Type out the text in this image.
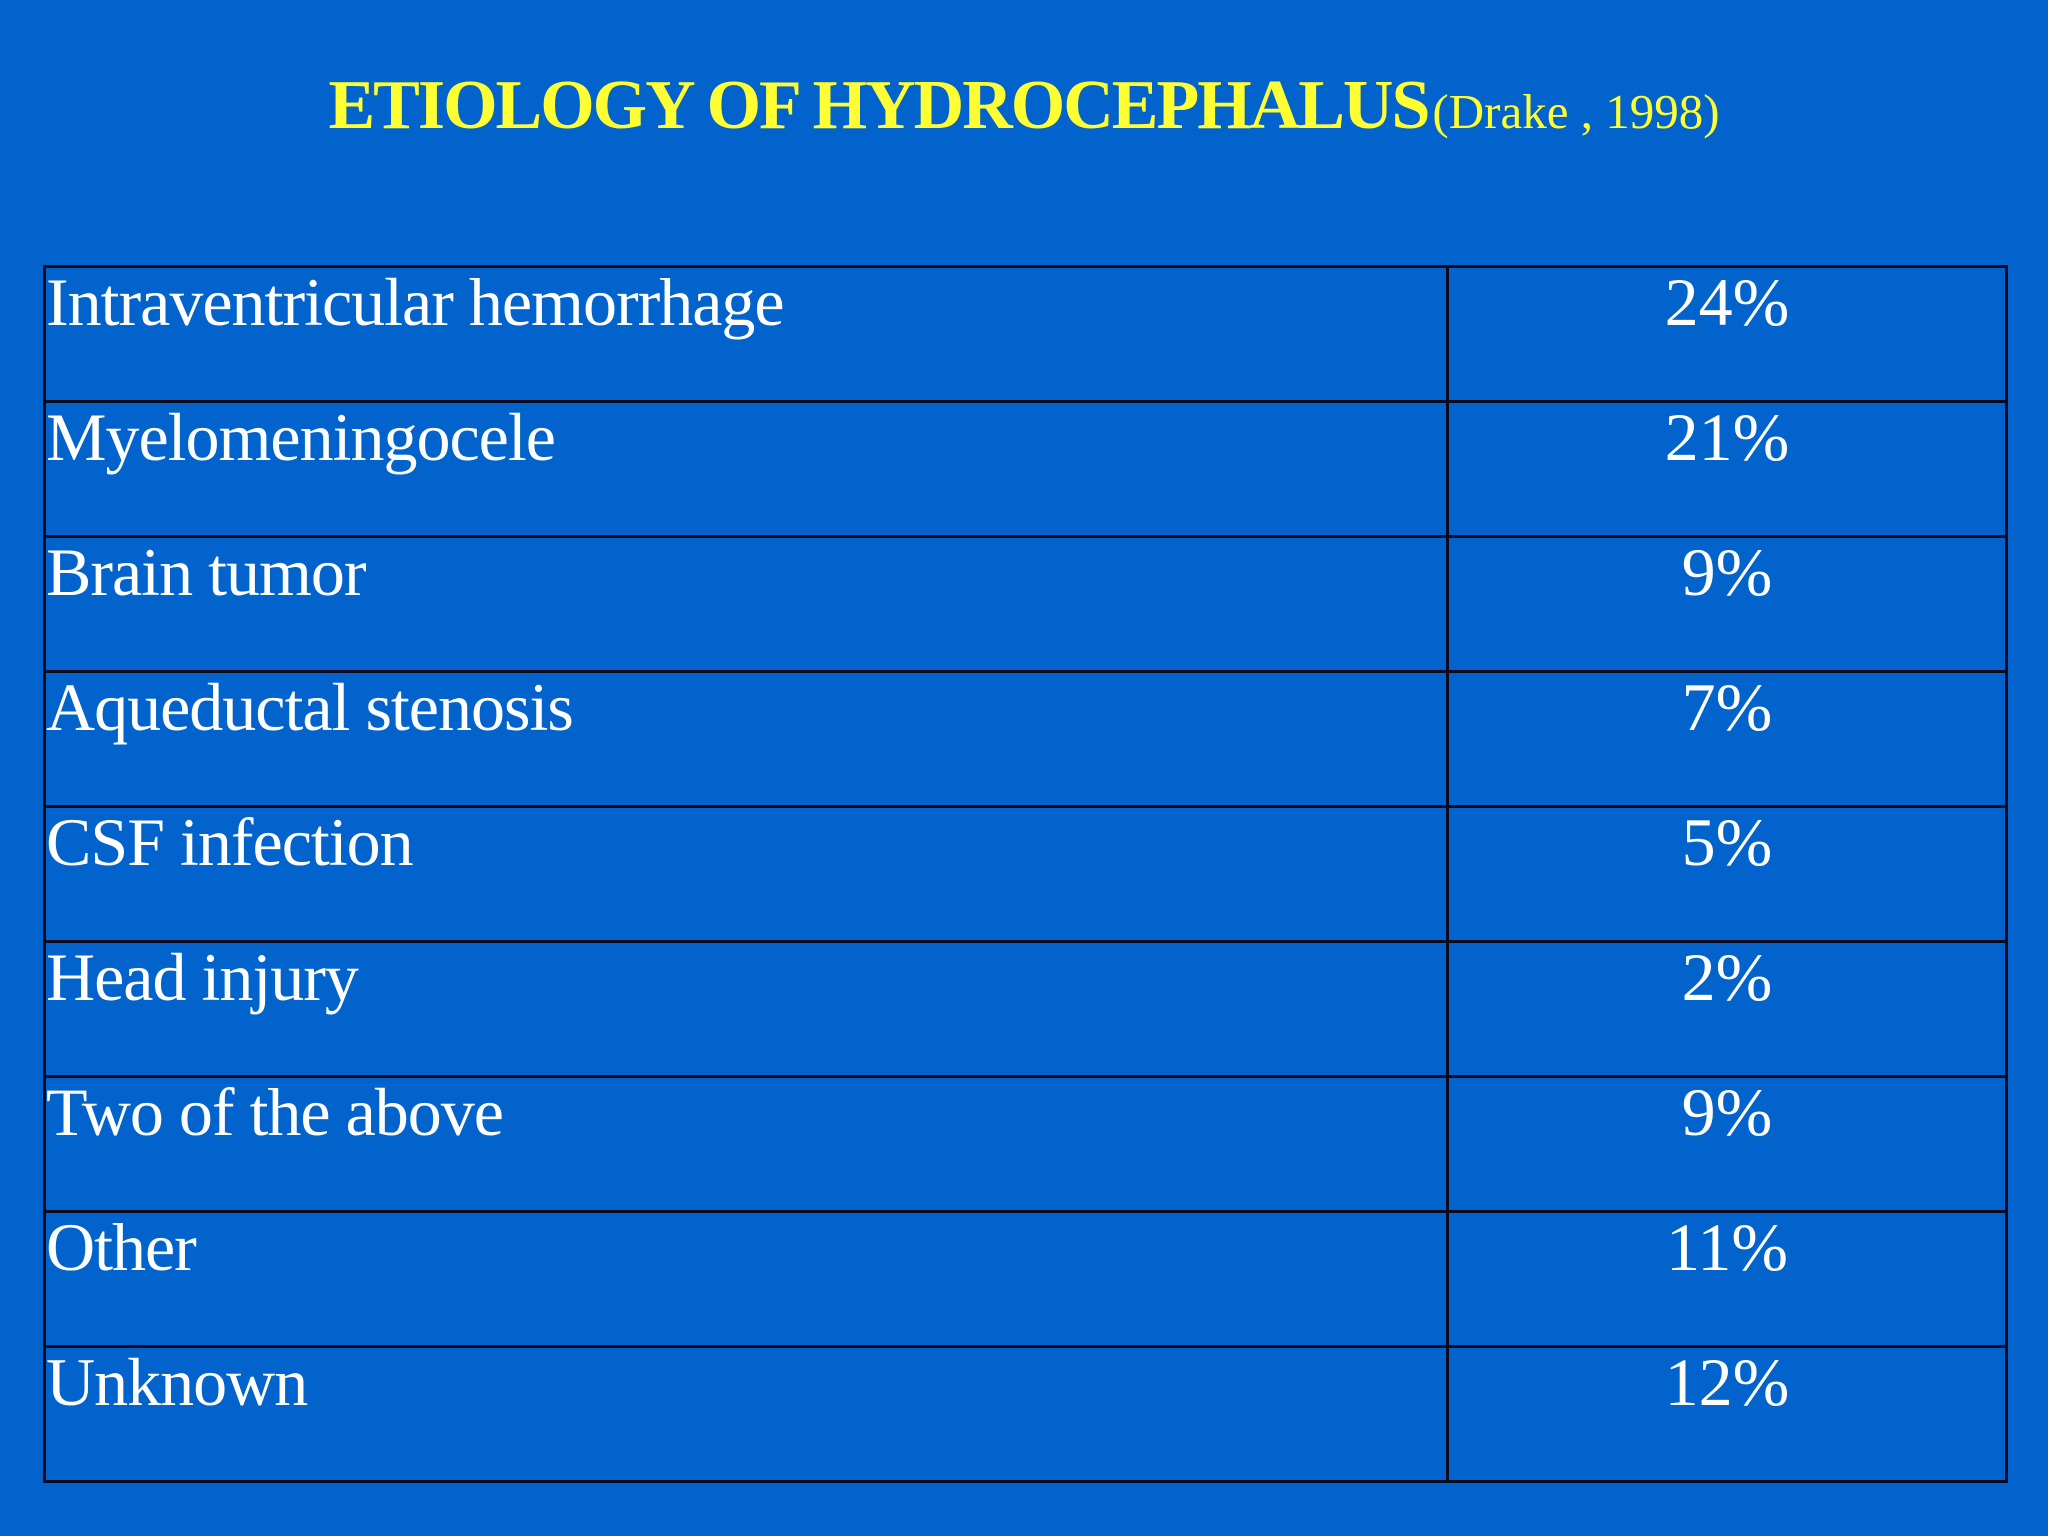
ETIOLOGY OF HYDROCEPHALUS (Drake , 1998)
Intraventricular hemorrhage	24%
Myelomeningocele	21%
Brain tumor	9%
Aqueductal stenosis	7%
CSF infection	5%
Head injury	2%
Two of the above	9%
Other	11%
Unknown	12%
